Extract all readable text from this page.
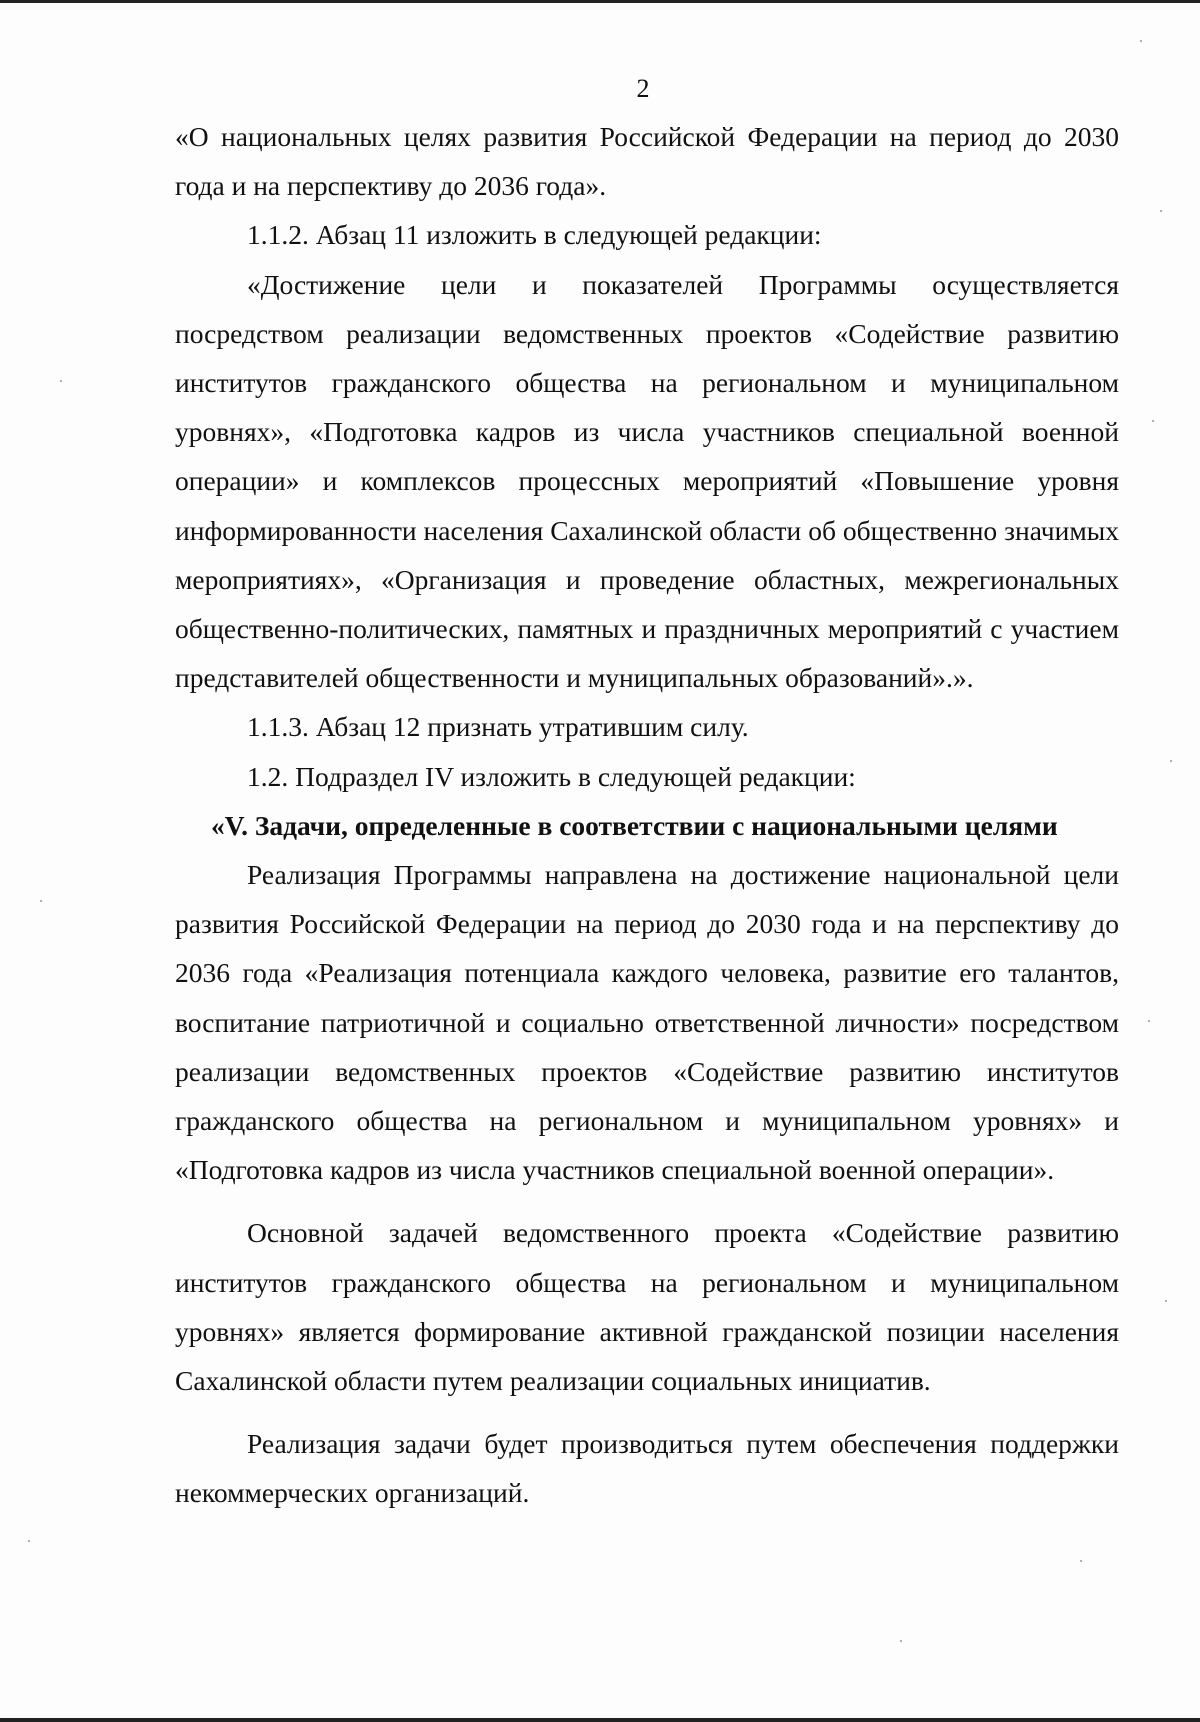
2

«О национальных целях развития Российской Федерации на период до 2030 года и на перспективу до 2036 года».

1.1.2. Абзац 11 изложить в следующей редакции:

«Достижение цели и показателей Программы осуществляется посредством реализации ведомственных проектов «Содействие развитию институтов гражданского общества на региональном и муниципальном уровнях», «Подготовка кадров из числа участников специальной военной операции» и комплексов процессных мероприятий «Повышение уровня информированности населения Сахалинской области об общественно значимых мероприятиях», «Организация и проведение областных, межрегиональных общественно-политических, памятных и праздничных мероприятий с участием представителей общественности и муниципальных образований».».

1.1.3. Абзац 12 признать утратившим силу.

1.2. Подраздел IV изложить в следующей редакции:

«V. Задачи, определенные в соответствии с национальными целями

Реализация Программы направлена на достижение национальной цели развития Российской Федерации на период до 2030 года и на перспективу до 2036 года «Реализация потенциала каждого человека, развитие его талантов, воспитание патриотичной и социально ответственной личности» посредством реализации ведомственных проектов «Содействие развитию институтов гражданского общества на региональном и муниципальном уровнях» и «Подготовка кадров из числа участников специальной военной операции».

Основной задачей ведомственного проекта «Содействие развитию институтов гражданского общества на региональном и муниципальном уровнях» является формирование активной гражданской позиции населения Сахалинской области путем реализации социальных инициатив.

Реализация задачи будет производиться путем обеспечения поддержки некоммерческих организаций.
